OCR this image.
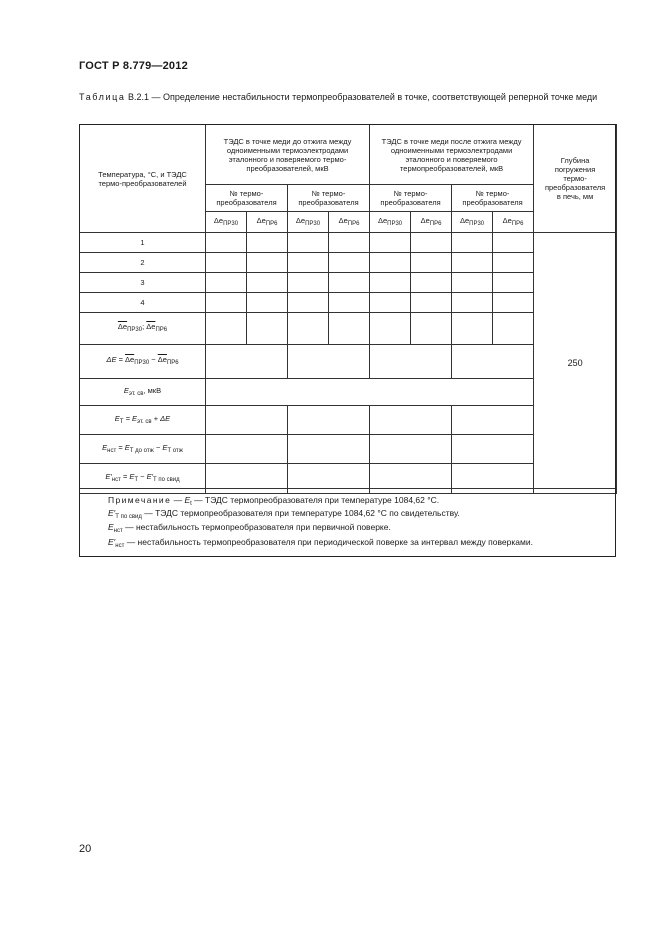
ГОСТ Р 8.779—2012
Таблица В.2.1 — Определение нестабильности термопреобразователей в точке, соответствующей реперной точке меди
Температура, °С, и ТЭДС термо-преобразователей	ТЭДС в точке меди до отжига между одноименными термоэлектродами эталонного и поверяемого термо-преобразователей, мкВ				ТЭДС в точке меди после отжига между одноименными термоэлектродами эталонного и поверяемого термопреобразователей, мкВ				Глубина погружения термо-преобразователя в печь, мм
	№ термо-преобразователя		№ термо-преобразователя		№ термо-преобразователя		№ термо-преобразователя		
	$\Delta e_{ПР30}$	$\Delta e_{ПР6}$	$\Delta e_{ПР30}$	$\Delta e_{ПР6}$	$\Delta e_{ПР30}$	$\Delta e_{ПР6}$	$\Delta e_{ПР30}$	$\Delta e_{ПР6}$
1									250
2									
3									
4									
$\overline{\Delta e}_{ПР30}$; $\overline{\Delta e}_{ПР6}$								
$\Delta E = \overline{\Delta e}_{ПР30} - \overline{\Delta e}_{ПР6}$				
$E_{эт. св}$, мкВ									
$E_Т = E_{эт. св} + \Delta E$									
$E_{нст} = E_{Т до отж} - E_{Т отж}$				
$E'_{нст} = E_Т - E'_{Т по свид}$				
Примечание — $E_t$ — ТЭДС термопреобразователя при температуре 1084,62 °С.
$E'_{Т по свид}$ — ТЭДС термопреобразователя при температуре 1084,62 °С по свидетельству.
$E_{нст}$ — нестабильность термопреобразователя при первичной поверке.
$E'_{нст}$ — нестабильность термопреобразователя при периодической поверке за интервал между поверками.
20
